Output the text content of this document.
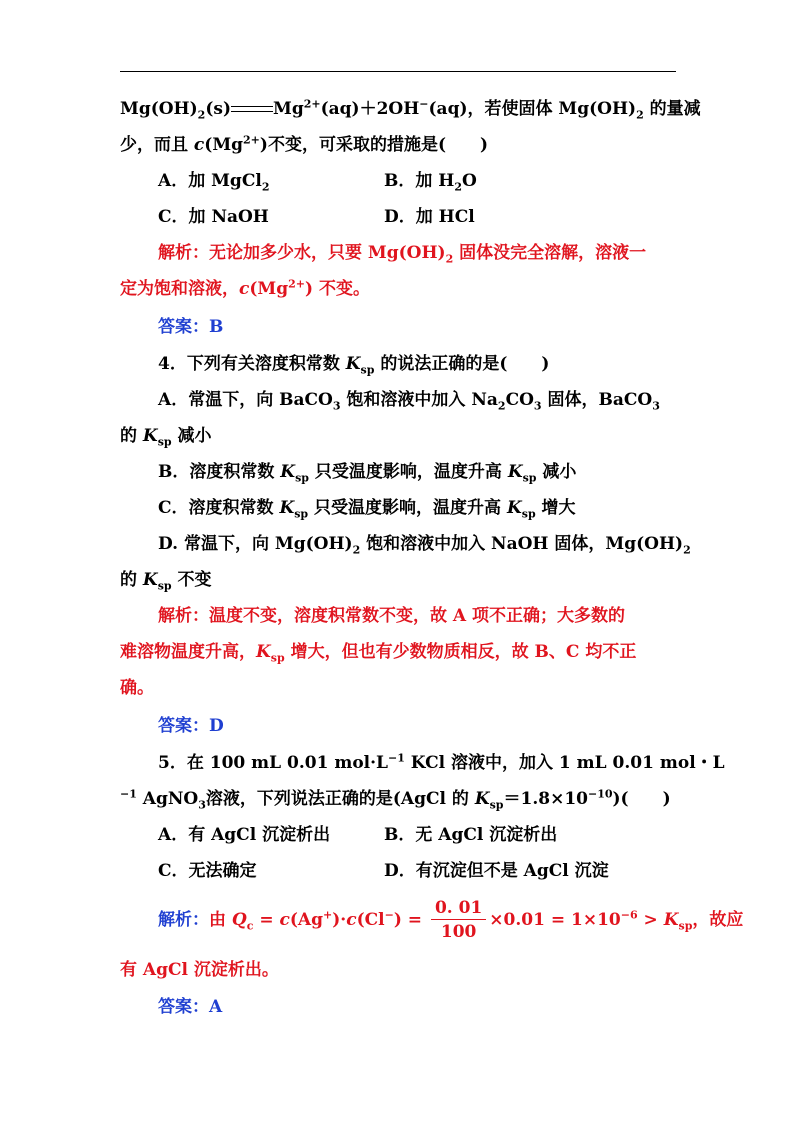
$Mg(OH)_2(s)$ $Mg^{2+}(aq)+2OH^-(aq)$，若使固体 $Mg(OH)_2$ 的量减
少，而且 $c(Mg^{2+})$不变，可采取的措施是(　　)
A．加 MgCl$_2$	B．加 $H_2O$
C．加 NaOH	D．加 HCl
解析：无论加多少水，只要 $Mg(OH)_2$ 固体没完全溶解，溶液一
定为饱和溶液，$c(Mg^{2+})$ 不变。
答案：B
4．下列有关溶度积常数 $K_{sp}$ 的说法正确的是(　　)
A．常温下，向 BaCO$_3$ 饱和溶液中加入 $Na_2CO_3$ 固体，BaCO$_3$
的 $K_{sp}$ 减小
B．溶度积常数 $K_{sp}$ 只受温度影响，温度升高 $K_{sp}$ 减小
C．溶度积常数 $K_{sp}$ 只受温度影响，温度升高 $K_{sp}$ 增大
D. 常温下，向 $Mg(OH)_2$ 饱和溶液中加入 NaOH 固体，$Mg(OH)_2$
的 $K_{sp}$ 不变
解析：温度不变，溶度积常数不变，故 A 项不正确；大多数的
难溶物温度升高，$K_{sp}$ 增大，但也有少数物质相反，故 B、C 均不正
确。
答案：D
5．在 100 mL 0.01 $mol\cdot L^{-1}$ KCl 溶液中，加入 1 mL 0.01 mol・L
$^{-1}$ AgNO$_3$溶液，下列说法正确的是(AgCl 的 $K_{sp}=1.8\times 10^{-10}$)(　　)
A．有 AgCl 沉淀析出	B．无 AgCl 沉淀析出
C．无法确定	D．有沉淀但不是 AgCl 沉淀
解析：由 $Q_c = c(Ag^+)\cdot c(Cl^-) = \frac{0. 01}{100} \times 0.01 = 1\times 10^{-6} > K_{sp}$，故应
有 AgCl 沉淀析出。
答案：A
